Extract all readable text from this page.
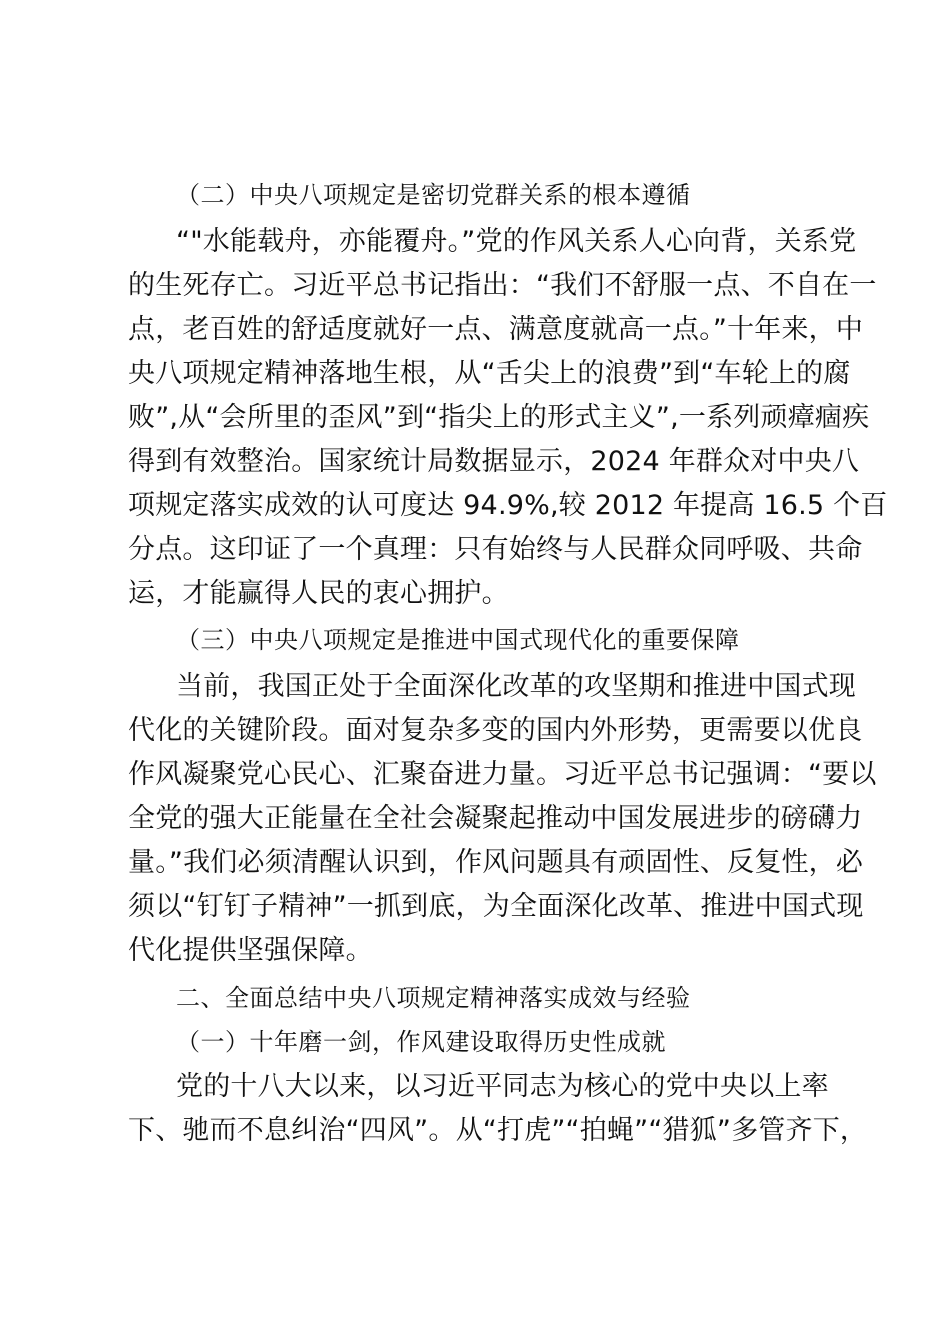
（二）中央八项规定是密切党群关系的根本遵循
“"水能载舟，亦能覆舟。”党的作风关系人心向背，关系党
的生死存亡。习近平总书记指出：“我们不舒服一点、不自在一
点，老百姓的舒适度就好一点、满意度就高一点。”十年来，中
央八项规定精神落地生根，从“舌尖上的浪费”到“车轮上的腐
败”,从“会所里的歪风”到“指尖上的形式主义”,一系列顽瘴痼疾
得到有效整治。国家统计局数据显示，2024 年群众对中央八
项规定落实成效的认可度达 94.9%,较 2012 年提高 16.5 个百
分点。这印证了一个真理：只有始终与人民群众同呼吸、共命
运，才能赢得人民的衷心拥护。
（三）中央八项规定是推进中国式现代化的重要保障
当前，我国正处于全面深化改革的攻坚期和推进中国式现
代化的关键阶段。面对复杂多变的国内外形势，更需要以优良
作风凝聚党心民心、汇聚奋进力量。习近平总书记强调：“要以
全党的强大正能量在全社会凝聚起推动中国发展进步的磅礴力
量。”我们必须清醒认识到，作风问题具有顽固性、反复性，必
须以“钉钉子精神”一抓到底，为全面深化改革、推进中国式现
代化提供坚强保障。
二、全面总结中央八项规定精神落实成效与经验
（一）十年磨一剑，作风建设取得历史性成就
党的十八大以来，以习近平同志为核心的党中央以上率
下、驰而不息纠治“四风”。从“打虎”“拍蝇”“猎狐”多管齐下，
